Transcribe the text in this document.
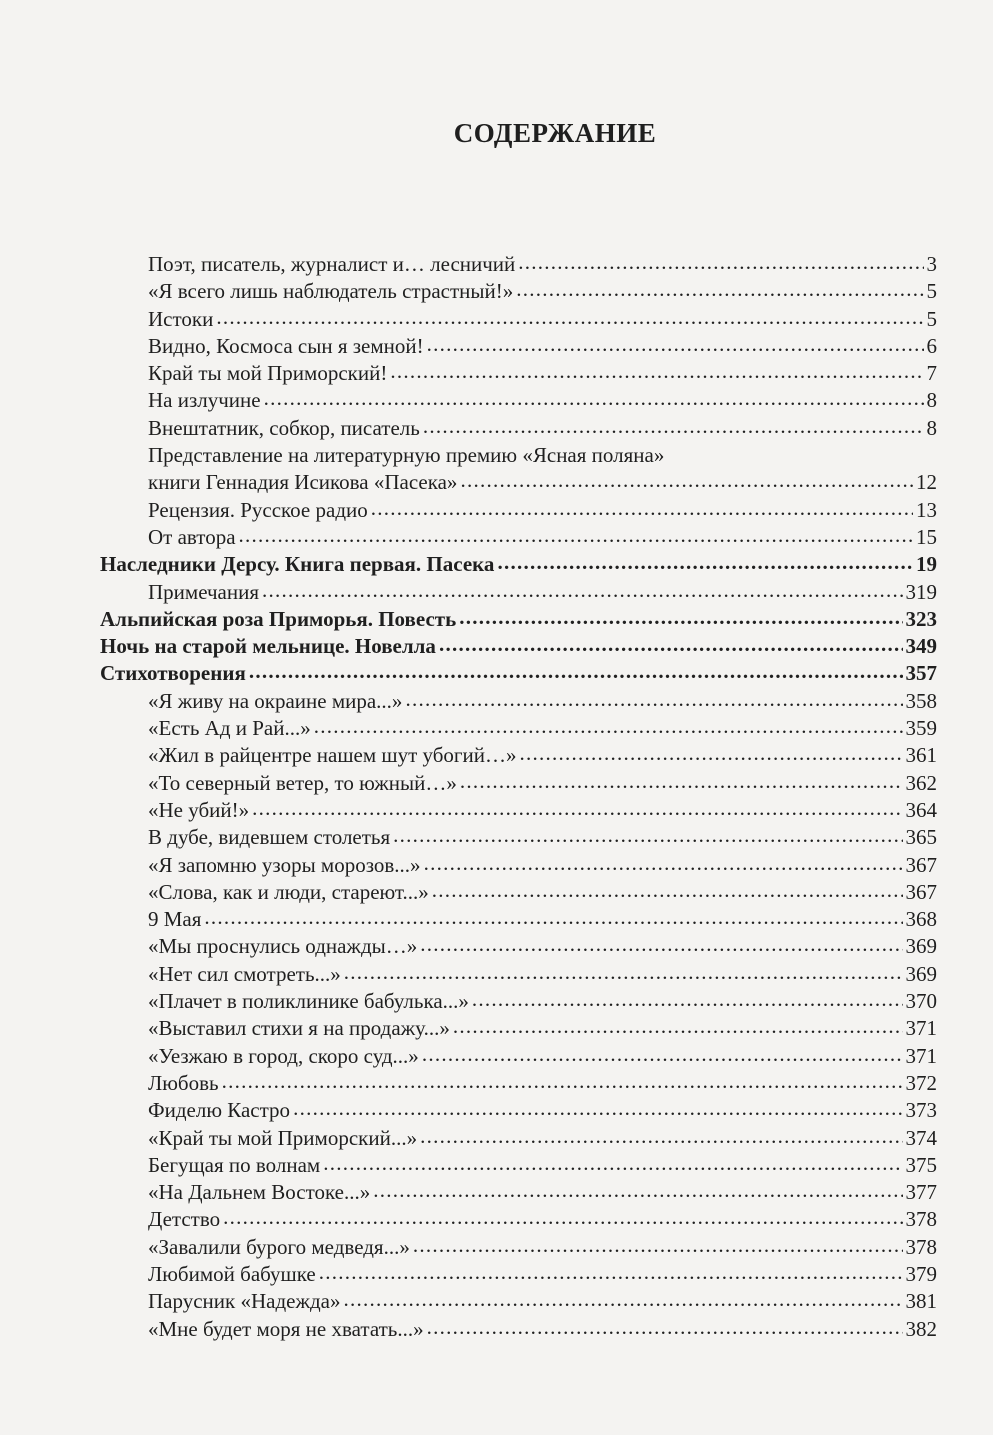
СОДЕРЖАНИЕ
Поэт, писатель, журналист и… лесничий . . .	3
«Я всего лишь наблюдатель страстный!» . . .	5
Истоки . . .	5
Видно, Космоса сын я земной! . . .	6
Край ты мой Приморский! . . .	7
На излучине . . .	8
Внештатник, собкор, писатель . . .	8
Представление на литературную премию «Ясная поляна»
книги Геннадия Исикова «Пасека» . . .	12
Рецензия. Русское радио . . .	13
От автора . . .	15
Наследники Дерсу. Книга первая. Пасека . . .	19
Примечания . . .	319
Альпийская роза Приморья. Повесть . . .	323
Ночь на старой мельнице. Новелла . . .	349
Стихотворения . . .	357
«Я живу на окраине мира...» . . .	358
«Есть Ад и Рай...» . . .	359
«Жил в райцентре нашем шут убогий…» . . .	361
«То северный ветер, то южный…» . . .	362
«Не убий!» . . .	364
В дубе, видевшем столетья . . .	365
«Я запомню узоры морозов...» . . .	367
«Слова, как и люди, стареют...» . . .	367
9 Мая . . .	368
«Мы проснулись однажды…» . . .	369
«Нет сил смотреть...» . . .	369
«Плачет в поликлинике бабулька...» . . .	370
«Выставил стихи я на продажу...» . . .	371
«Уезжаю в город, скоро суд...» . . .	371
Любовь . . .	372
Фиделю Кастро . . .	373
«Край ты мой Приморский...» . . .	374
Бегущая по волнам . . .	375
«На Дальнем Востоке...» . . .	377
Детство . . .	378
«Завалили бурого медведя...» . . .	378
Любимой бабушке . . .	379
Парусник «Надежда» . . .	381
«Мне будет моря не хватать...» . . .	382
